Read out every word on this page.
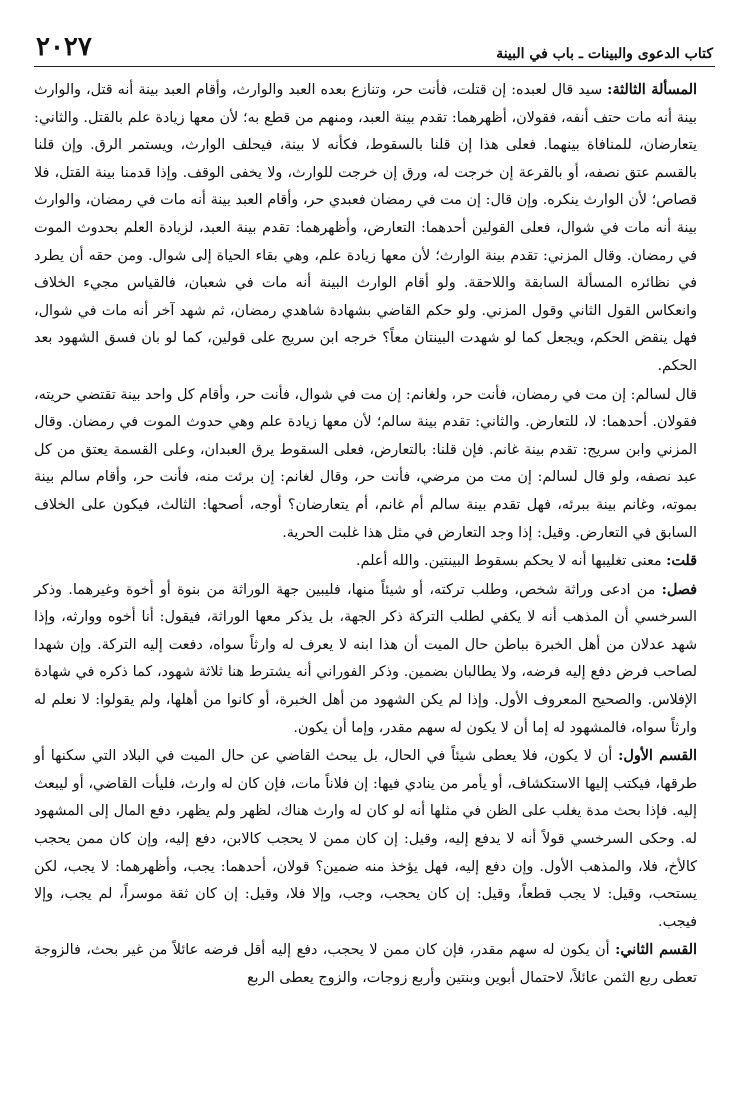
كتاب الدعوى والبينات ـ باب في البينة
٢٠٢٧

المسألة الثالثة: سيد قال لعبده: إن قتلت، فأنت حر، وتنازع بعده العبد والوارث، وأقام العبد بينة أنه قتل، والوارث بينة أنه مات حتف أنفه، فقولان، أظهرهما: تقدم بينة العبد، ومنهم من قطع به؛ لأن معها زيادة علم بالقتل. والثاني: يتعارضان، للمنافاة بينهما. فعلى هذا إن قلنا بالسقوط، فكأنه لا بينة، فيحلف الوارث، ويستمر الرق. وإن قلنا بالقسم عتق نصفه، أو بالقرعة إن خرجت له، ورق إن خرجت للوارث، ولا يخفى الوقف. وإذا قدمنا بينة القتل، فلا قصاص؛ لأن الوارث ينكره. وإن قال: إن مت في رمضان فعبدي حر، وأقام العبد بينة أنه مات في رمضان، والوارث بينة أنه مات في شوال، فعلى القولين أحدهما: التعارض، وأظهرهما: تقدم بينة العبد، لزيادة العلم بحدوث الموت في رمضان. وقال المزني: تقدم بينة الوارث؛ لأن معها زيادة علم، وهي بقاء الحياة إلى شوال. ومن حقه أن يطرد في نظائره المسألة السابقة واللاحقة. ولو أقام الوارث البينة أنه مات في شعبان، فالقياس مجيء الخلاف وانعكاس القول الثاني وقول المزني. ولو حكم القاضي بشهادة شاهدي رمضان، ثم شهد آخر أنه مات في شوال، فهل ينقض الحكم، ويجعل كما لو شهدت البينتان معاً؟ خرجه ابن سريج على قولين، كما لو بان فسق الشهود بعد الحكم.

قال لسالم: إن مت في رمضان، فأنت حر، ولغانم: إن مت في شوال، فأنت حر، وأقام كل واحد بينة تقتضي حريته، فقولان. أحدهما: لا، للتعارض. والثاني: تقدم بينة سالم؛ لأن معها زيادة علم وهي حدوث الموت في رمضان. وقال المزني وابن سريج: تقدم بينة غانم. فإن قلنا: بالتعارض، فعلى السقوط يرق العبدان، وعلى القسمة يعتق من كل عبد نصفه، ولو قال لسالم: إن مت من مرضي، فأنت حر، وقال لغانم: إن برئت منه، فأنت حر، وأقام سالم بينة بموته، وغانم بينة ببرئه، فهل تقدم بينة سالم أم غانم، أم يتعارضان؟ أوجه، أصحها: الثالث، فيكون على الخلاف السابق في التعارض. وقيل: إذا وجد التعارض في مثل هذا غلبت الحرية.

قلت: معنى تغليبها أنه لا يحكم بسقوط البينتين. والله أعلم.

فصل: من ادعى وراثة شخص، وطلب تركته، أو شيئاً منها، فليبين جهة الوراثة من بنوة أو أخوة وغيرهما. وذكر السرخسي أن المذهب أنه لا يكفي لطلب التركة ذكر الجهة، بل يذكر معها الوراثة، فيقول: أنا أخوه ووارثه، وإذا شهد عدلان من أهل الخبرة بباطن حال الميت أن هذا ابنه لا يعرف له وارثاً سواه، دفعت إليه التركة. وإن شهدا لصاحب فرض دفع إليه فرضه، ولا يطالبان بضمين. وذكر الفوراني أنه يشترط هنا ثلاثة شهود، كما ذكره في شهادة الإفلاس. والصحيح المعروف الأول. وإذا لم يكن الشهود من أهل الخبرة، أو كانوا من أهلها، ولم يقولوا: لا نعلم له وارثاً سواه، فالمشهود له إما أن لا يكون له سهم مقدر، وإما أن يكون.

القسم الأول: أن لا يكون، فلا يعطى شيئاً في الحال، بل يبحث القاضي عن حال الميت في البلاد التي سكنها أو طرقها، فيكتب إليها الاستكشاف، أو يأمر من ينادي فيها: إن فلاناً مات، فإن كان له وارث، فليأت القاضي، أو ليبعث إليه. فإذا بحث مدة يغلب على الظن في مثلها أنه لو كان له وارث هناك، لظهر ولم يظهر، دفع المال إلى المشهود له. وحكى السرخسي قولاً أنه لا يدفع إليه، وقيل: إن كان ممن لا يحجب كالابن، دفع إليه، وإن كان ممن يحجب كالأخ، فلا، والمذهب الأول. وإن دفع إليه، فهل يؤخذ منه ضمين؟ قولان، أحدهما: يجب، وأظهرهما: لا يجب، لكن يستحب، وقيل: لا يجب قطعاً، وقيل: إن كان يحجب، وجب، وإلا فلا، وقيل: إن كان ثقة موسراً، لم يجب، وإلا فيجب.

القسم الثاني: أن يكون له سهم مقدر، فإن كان ممن لا يحجب، دفع إليه أقل فرضه عائلاً من غير بحث، فالزوجة تعطى ربع الثمن عائلاً، لاحتمال أبوين وبنتين وأربع زوجات، والزوج يعطى الربع
